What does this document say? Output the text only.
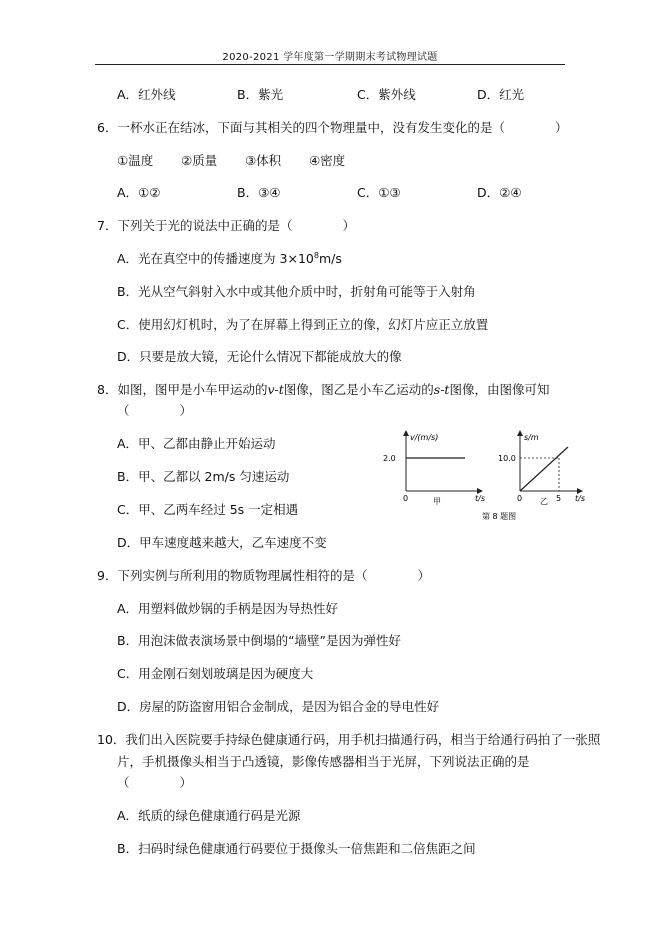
2020-2021 学年度第一学期期末考试物理试题
A．红外线	B．紫光	C．紫外线	D．红光
6．一杯水正在结冰，下面与其相关的四个物理量中，没有发生变化的是（　　　　）
①温度 ②质量 ③体积 ④密度
A．①②	B．③④	C．①③	D．②④
7．下列关于光的说法中正确的是（　　　　）
A．光在真空中的传播速度为 $3\times 10^8m/s$
B．光从空气斜射入水中或其他介质中时，折射角可能等于入射角
C．使用幻灯机时，为了在屏幕上得到正立的像，幻灯片应正立放置
D．只要是放大镜，无论什么情况下都能成放大的像
8．如图，图甲是小车甲运动的v-t图像，图乙是小车乙运动的s-t图像，由图像可知
（　　　　）
A．甲、乙都由静止开始运动
B．甲、乙都以 2m/s 匀速运动
C．甲、乙两车经过 5s 一定相遇
D．甲车速度越来越大，乙车速度不变
v/(m/s)
2.0
0	t/s
甲
s/m
10.0
0	5 t/s
乙
第 8 题图
9．下列实例与所利用的物质物理属性相符的是（　　　　）
A．用塑料做炒锅的手柄是因为导热性好
B．用泡沫做表演场景中倒塌的“墙壁”是因为弹性好
C．用金刚石刻划玻璃是因为硬度大
D．房屋的防盗窗用铝合金制成，是因为铝合金的导电性好
10．我们出入医院要手持绿色健康通行码，用手机扫描通行码，相当于给通行码拍了一张照
片，手机摄像头相当于凸透镜，影像传感器相当于光屏，下列说法正确的是
（　　　　）
A．纸质的绿色健康通行码是光源
B．扫码时绿色健康通行码要位于摄像头一倍焦距和二倍焦距之间
